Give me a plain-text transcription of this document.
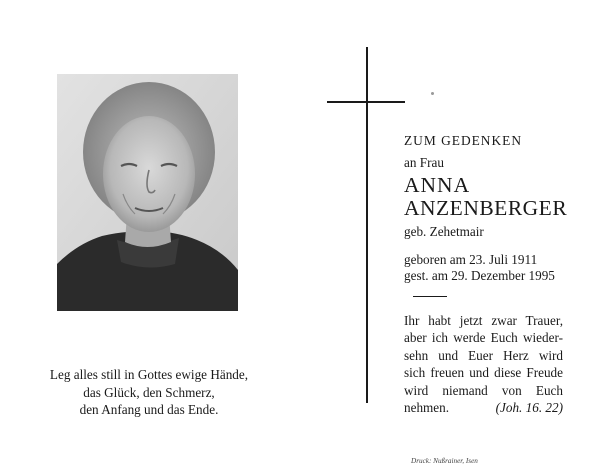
Leg alles still in Gottes ewige Hände,
das Glück, den Schmerz,
den Anfang und das Ende.
ZUM GEDENKEN
an Frau
ANNA
ANZENBERGER
geb. Zehetmair
geboren am 23. Juli 1911
gest. am 29. Dezember 1995
Ihr habt jetzt zwar Trauer,
aber ich werde Euch wieder-
sehn und Euer Herz wird
sich freuen und diese Freude
wird niemand von Euch
nehmen.	(Joh. 16. 22)
Druck: Nußrainer, Isen
